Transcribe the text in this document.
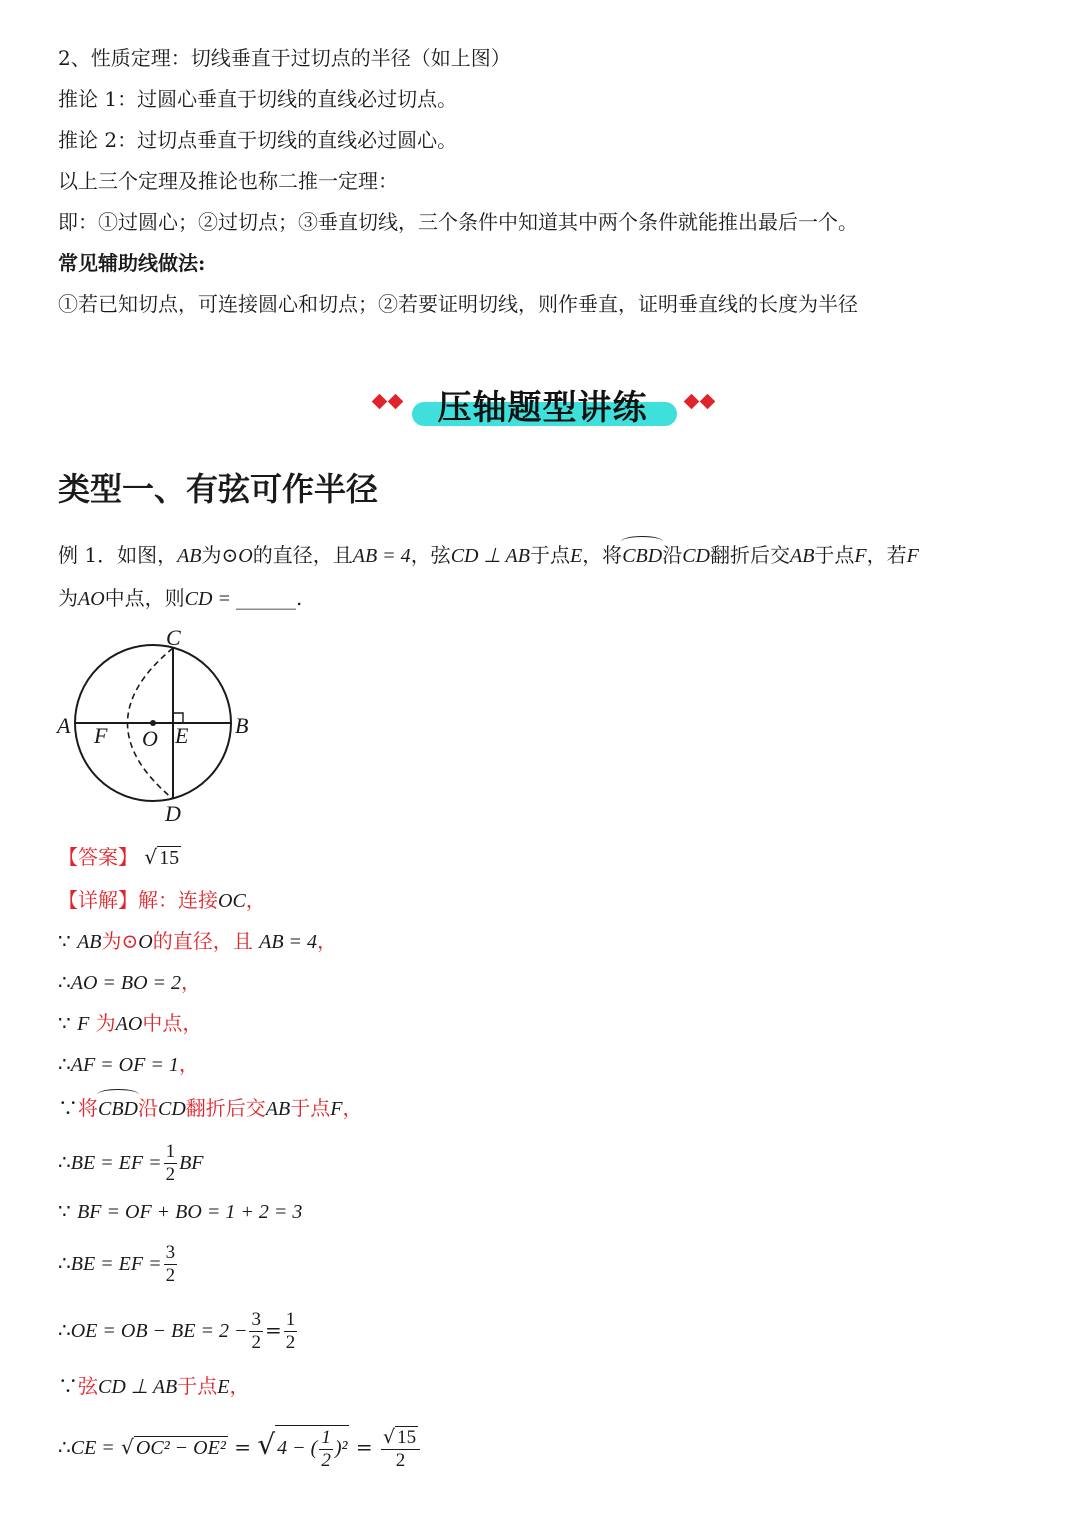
2、性质定理：切线垂直于过切点的半径（如上图）
推论 1：过圆心垂直于切线的直线必过切点。
推论 2：过切点垂直于切线的直线必过圆心。
以上三个定理及推论也称二推一定理：
即：①过圆心；②过切点；③垂直切线，三个条件中知道其中两个条件就能推出最后一个。
常见辅助线做法:
①若已知切点，可连接圆心和切点；②若要证明切线，则作垂直，证明垂直线的长度为半径
压轴题型讲练
类型一、有弦可作半径
例 1．如图，AB为⊙O的直径，且AB = 4，弦CD ⊥ AB于点E，将CBD沿CD翻折后交AB于点F，若F
为AO中点，则CD = ______.
C
A	B
F O E
D
【答案】 √ 15
【详解】解：连接OC，
∵ AB为⊙O的直径，且 AB = 4，
∴AO = BO = 2，
∵ F 为AO中点，
∴AF = OF = 1，
∵将CBD沿CD翻折后交AB于点F，
∴BE = EF = $\frac{1}{2}$ BF
∵ BF = OF + BO = 1 + 2 = 3
∴BE = EF = $\frac{3}{2}$
∴OE = OB − BE = $2 - \frac{3}{2} = \frac{1}{2}$
∵弦CD ⊥ AB于点E，
∴CE = √ OC² − OE² = √ 4 − ( $\frac{1}{2} )^2 = \frac{√ 15}{2}$
